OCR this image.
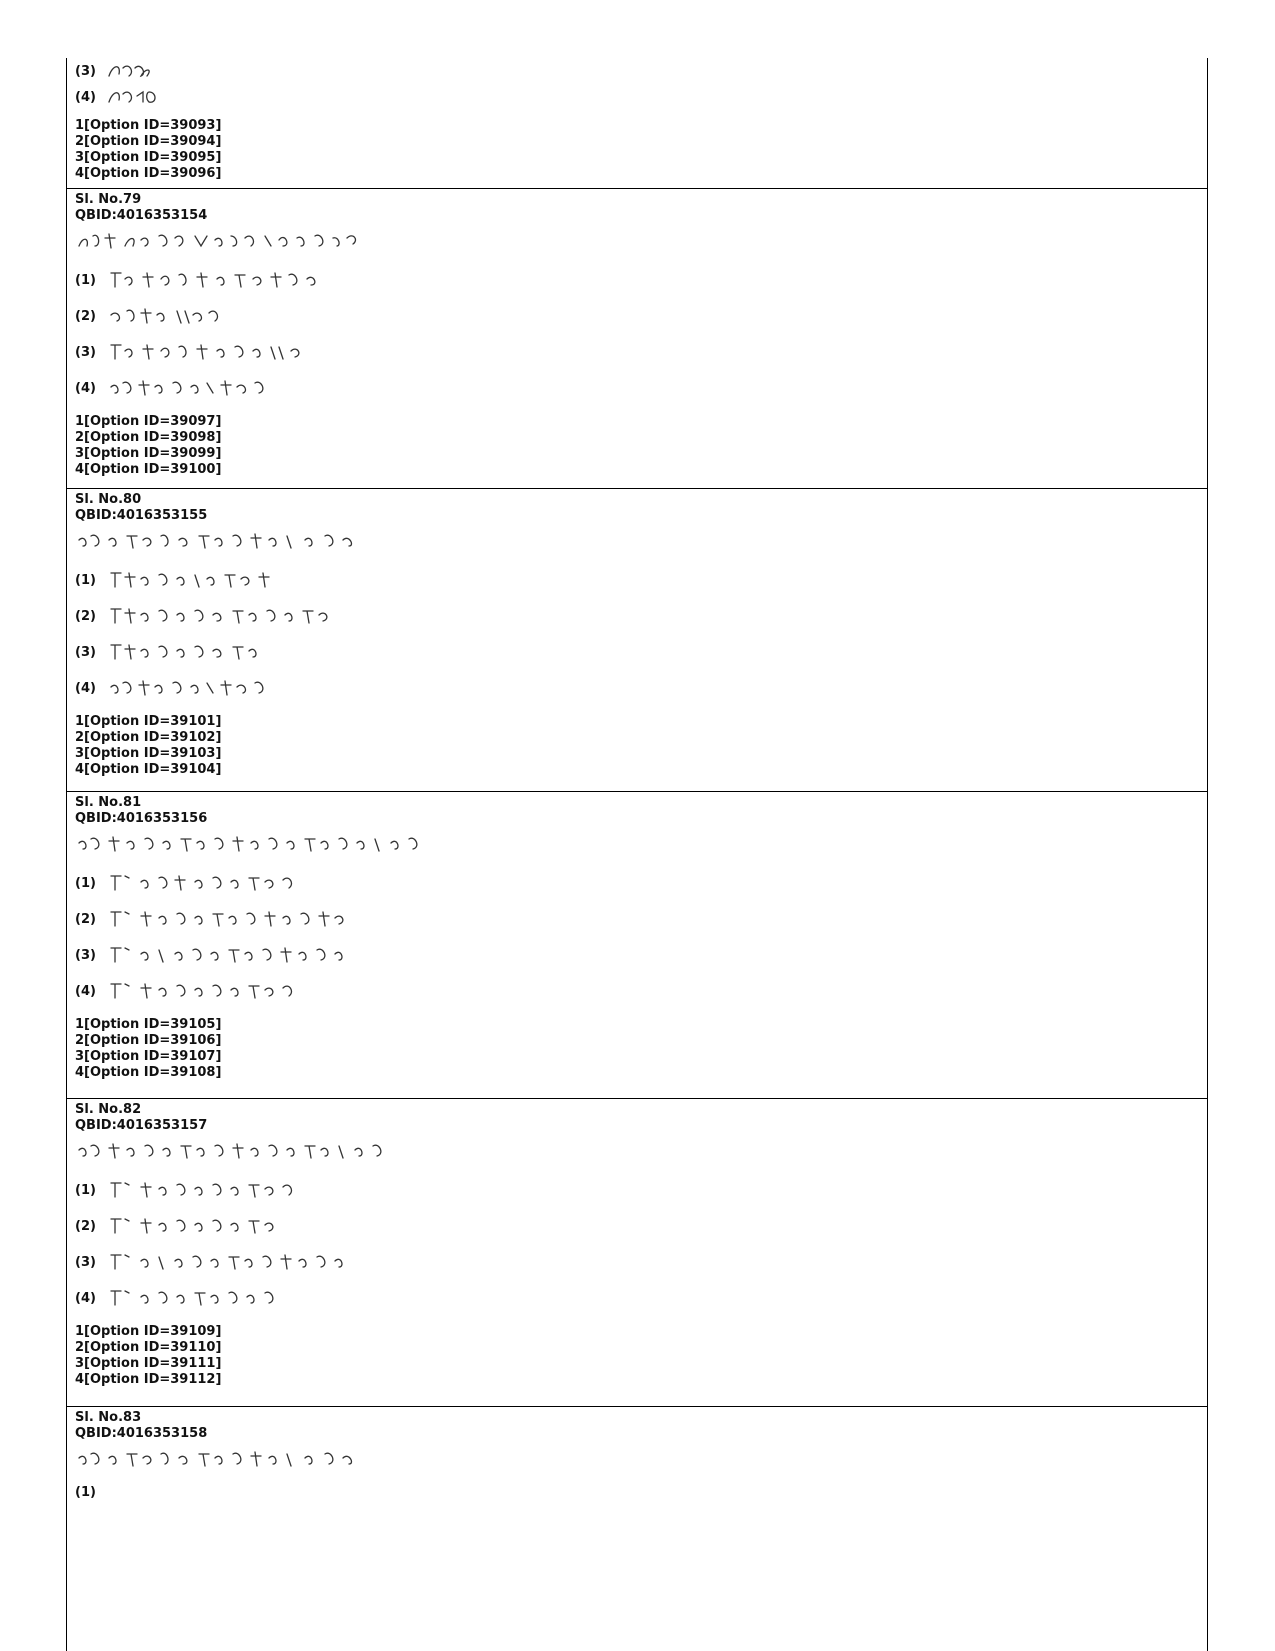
(3)
(4)
1[Option ID=39093]
2[Option ID=39094]
3[Option ID=39095]
4[Option ID=39096]
Sl. No.79
QBID:4016353154
(1)
(2)
(3)
(4)
1[Option ID=39097]
2[Option ID=39098]
3[Option ID=39099]
4[Option ID=39100]
Sl. No.80
QBID:4016353155
(1)
(2)
(3)
(4)
1[Option ID=39101]
2[Option ID=39102]
3[Option ID=39103]
4[Option ID=39104]
Sl. No.81
QBID:4016353156
(1)
(2)
(3)
(4)
1[Option ID=39105]
2[Option ID=39106]
3[Option ID=39107]
4[Option ID=39108]
Sl. No.82
QBID:4016353157
(1)
(2)
(3)
(4)
1[Option ID=39109]
2[Option ID=39110]
3[Option ID=39111]
4[Option ID=39112]
Sl. No.83
QBID:4016353158
(1)
